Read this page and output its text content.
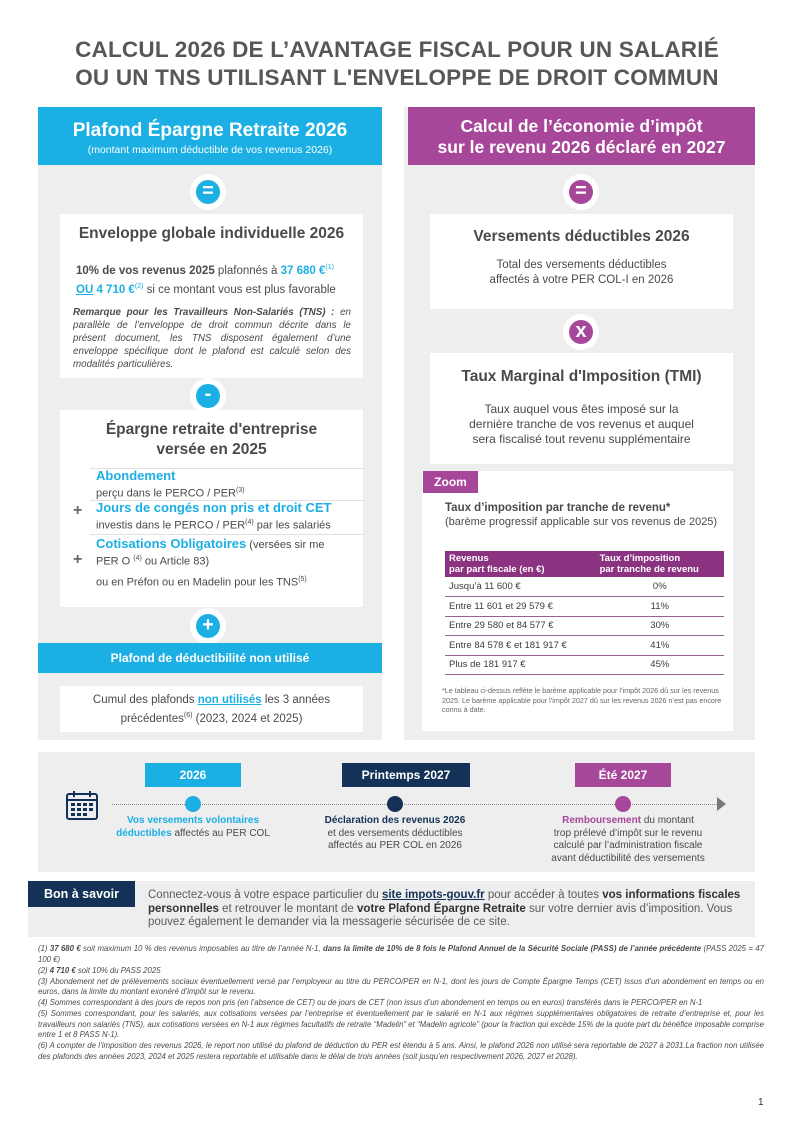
CALCUL 2026 DE L’AVANTAGE FISCAL POUR UN SALARIÉ
OU UN TNS UTILISANT L'ENVELOPPE DE DROIT COMMUN
Plafond Épargne Retraite 2026
(montant maximum déductible de vos revenus 2026)
=
Enveloppe globale individuelle 2026
10% de vos revenus 2025 plafonnés à 37 680 €$^{(1)}$
OU 4 710 €$^{(2)}$ si ce montant vous est plus favorable
Remarque pour les Travailleurs Non-Salariés (TNS) : en parallèle de l’enveloppe de droit commun décrite dans le présent document, les TNS disposent également d’une enveloppe spécifique dont le plafond est calculé selon des modalités particulières.
-
Épargne retraite d'entreprise
versée en 2025
Abondement
perçu dans le PERCO / $PER^{(3)}$
+ Jours de congés non pris et droit CET
investis dans le PERCO / PER$^{(4)}$ par les salariés
+
Cotisations Obligatoires (versées sir me
PER O $^{(4)}$ ou Article 83)
ou en Préfon ou en Madelin pour les $TNS^{(5)}$
+
Plafond de déductibilité non utilisé
Cumul des plafonds non utilisés les 3 années
précédentes$^{(6)}$ (2023, 2024 et 2025)
Calcul de l’économie d’impôt
sur le revenu 2026 déclaré en 2027
=
Versements déductibles 2026
Total des versements déductibles
affectés à votre PER COL-I en 2026
x
Taux Marginal d'Imposition (TMI)
Taux auquel vous êtes imposé sur la
dernière tranche de vos revenus et auquel
sera fiscalisé tout revenu supplémentaire
Zoom
Taux d’imposition par tranche de revenu*
(barème progressif applicable sur vos revenus de 2025)
Revenus
par part fiscale (en €)	Taux d’imposition
par tranche de revenu
Jusqu’à 11 600 €	0%
Entre 11 601 et 29 579 €	11%
Entre 29 580 et 84 577 €	30%
Entre 84 578 € et 181 917 €	41%
Plus de 181 917 €	45%
*Le tableau ci-dessus reflète le barème applicable pour l’impôt 2026 dû sur les revenus 2025. Le barème applicable pour l’impôt 2027 dû sur les revenus 2026 n’est pas encore connu à date.
2026	Printemps 2027	Été 2027
Vos versements volontaires
déductibles affectés au PER COL
Déclaration des revenus 2026
et des versements déductibles
affectés au PER COL en 2026
Remboursement du montant
trop prélevé d’impôt sur le revenu
calculé par l’administration fiscale
avant déductibilité des versements
Bon à savoir	Connectez-vous à votre espace particulier du site impots-gouv.fr pour accéder à toutes vos informations fiscales personnelles et retrouver le montant de votre Plafond Épargne Retraite sur votre dernier avis d’imposition. Vous pouvez également le demander via la messagerie sécurisée de ce site.

(1) 37 680 € soit maximum 10 % des revenus imposables au titre de l’année N-1, dans la limite de 10% de 8 fois le Plafond Annuel de la Sécurité Sociale (PASS) de l’année précédente (PASS 2025 = 47 100 €)

(2) 4 710 € soit 10% du PASS 2025

(3) Abondement net de prélèvements sociaux éventuellement versé par l’employeur au titre du PERCO/PER en N-1, dont les jours de Compte Épargne Temps (CET) issus d’un abondement en temps ou en euros, dans la limite du montant exonéré d’impôt sur le revenu.

(4) Sommes correspondant à des jours de repos non pris (en l’absence de CET) ou de jours de CET (non issus d’un abondement en temps ou en euros) transférés dans le PERCO/PER en N-1

(5) Sommes correspondant, pour les salariés, aux cotisations versées par l’entreprise et éventuellement par le salarié en N-1 aux régimes supplémentaires obligatoires de retraite d’entreprise et, pour les travailleurs non salariés (TNS), aux cotisations versées en N-1 aux régimes facultatifs de retraite “Madelin” et “Madelin agricole” (pour la fraction qui excède 15% de la quote part du bénéfice imposable comprise entre 1 et 8 PASS N-1).

(6) A compter de l’imposition des revenus 2026, le report non utilisé du plafond de déduction du PER est étendu à 5 ans. Ainsi, le plafond 2026 non utilisé sera reportable de 2027 à 2031.La fraction non utilisée des plafonds des années 2023, 2024 et 2025 restera reportable et utilisable dans le délai de trois années (soit jusqu’en respectivement 2026, 2027 et 2028).

1
